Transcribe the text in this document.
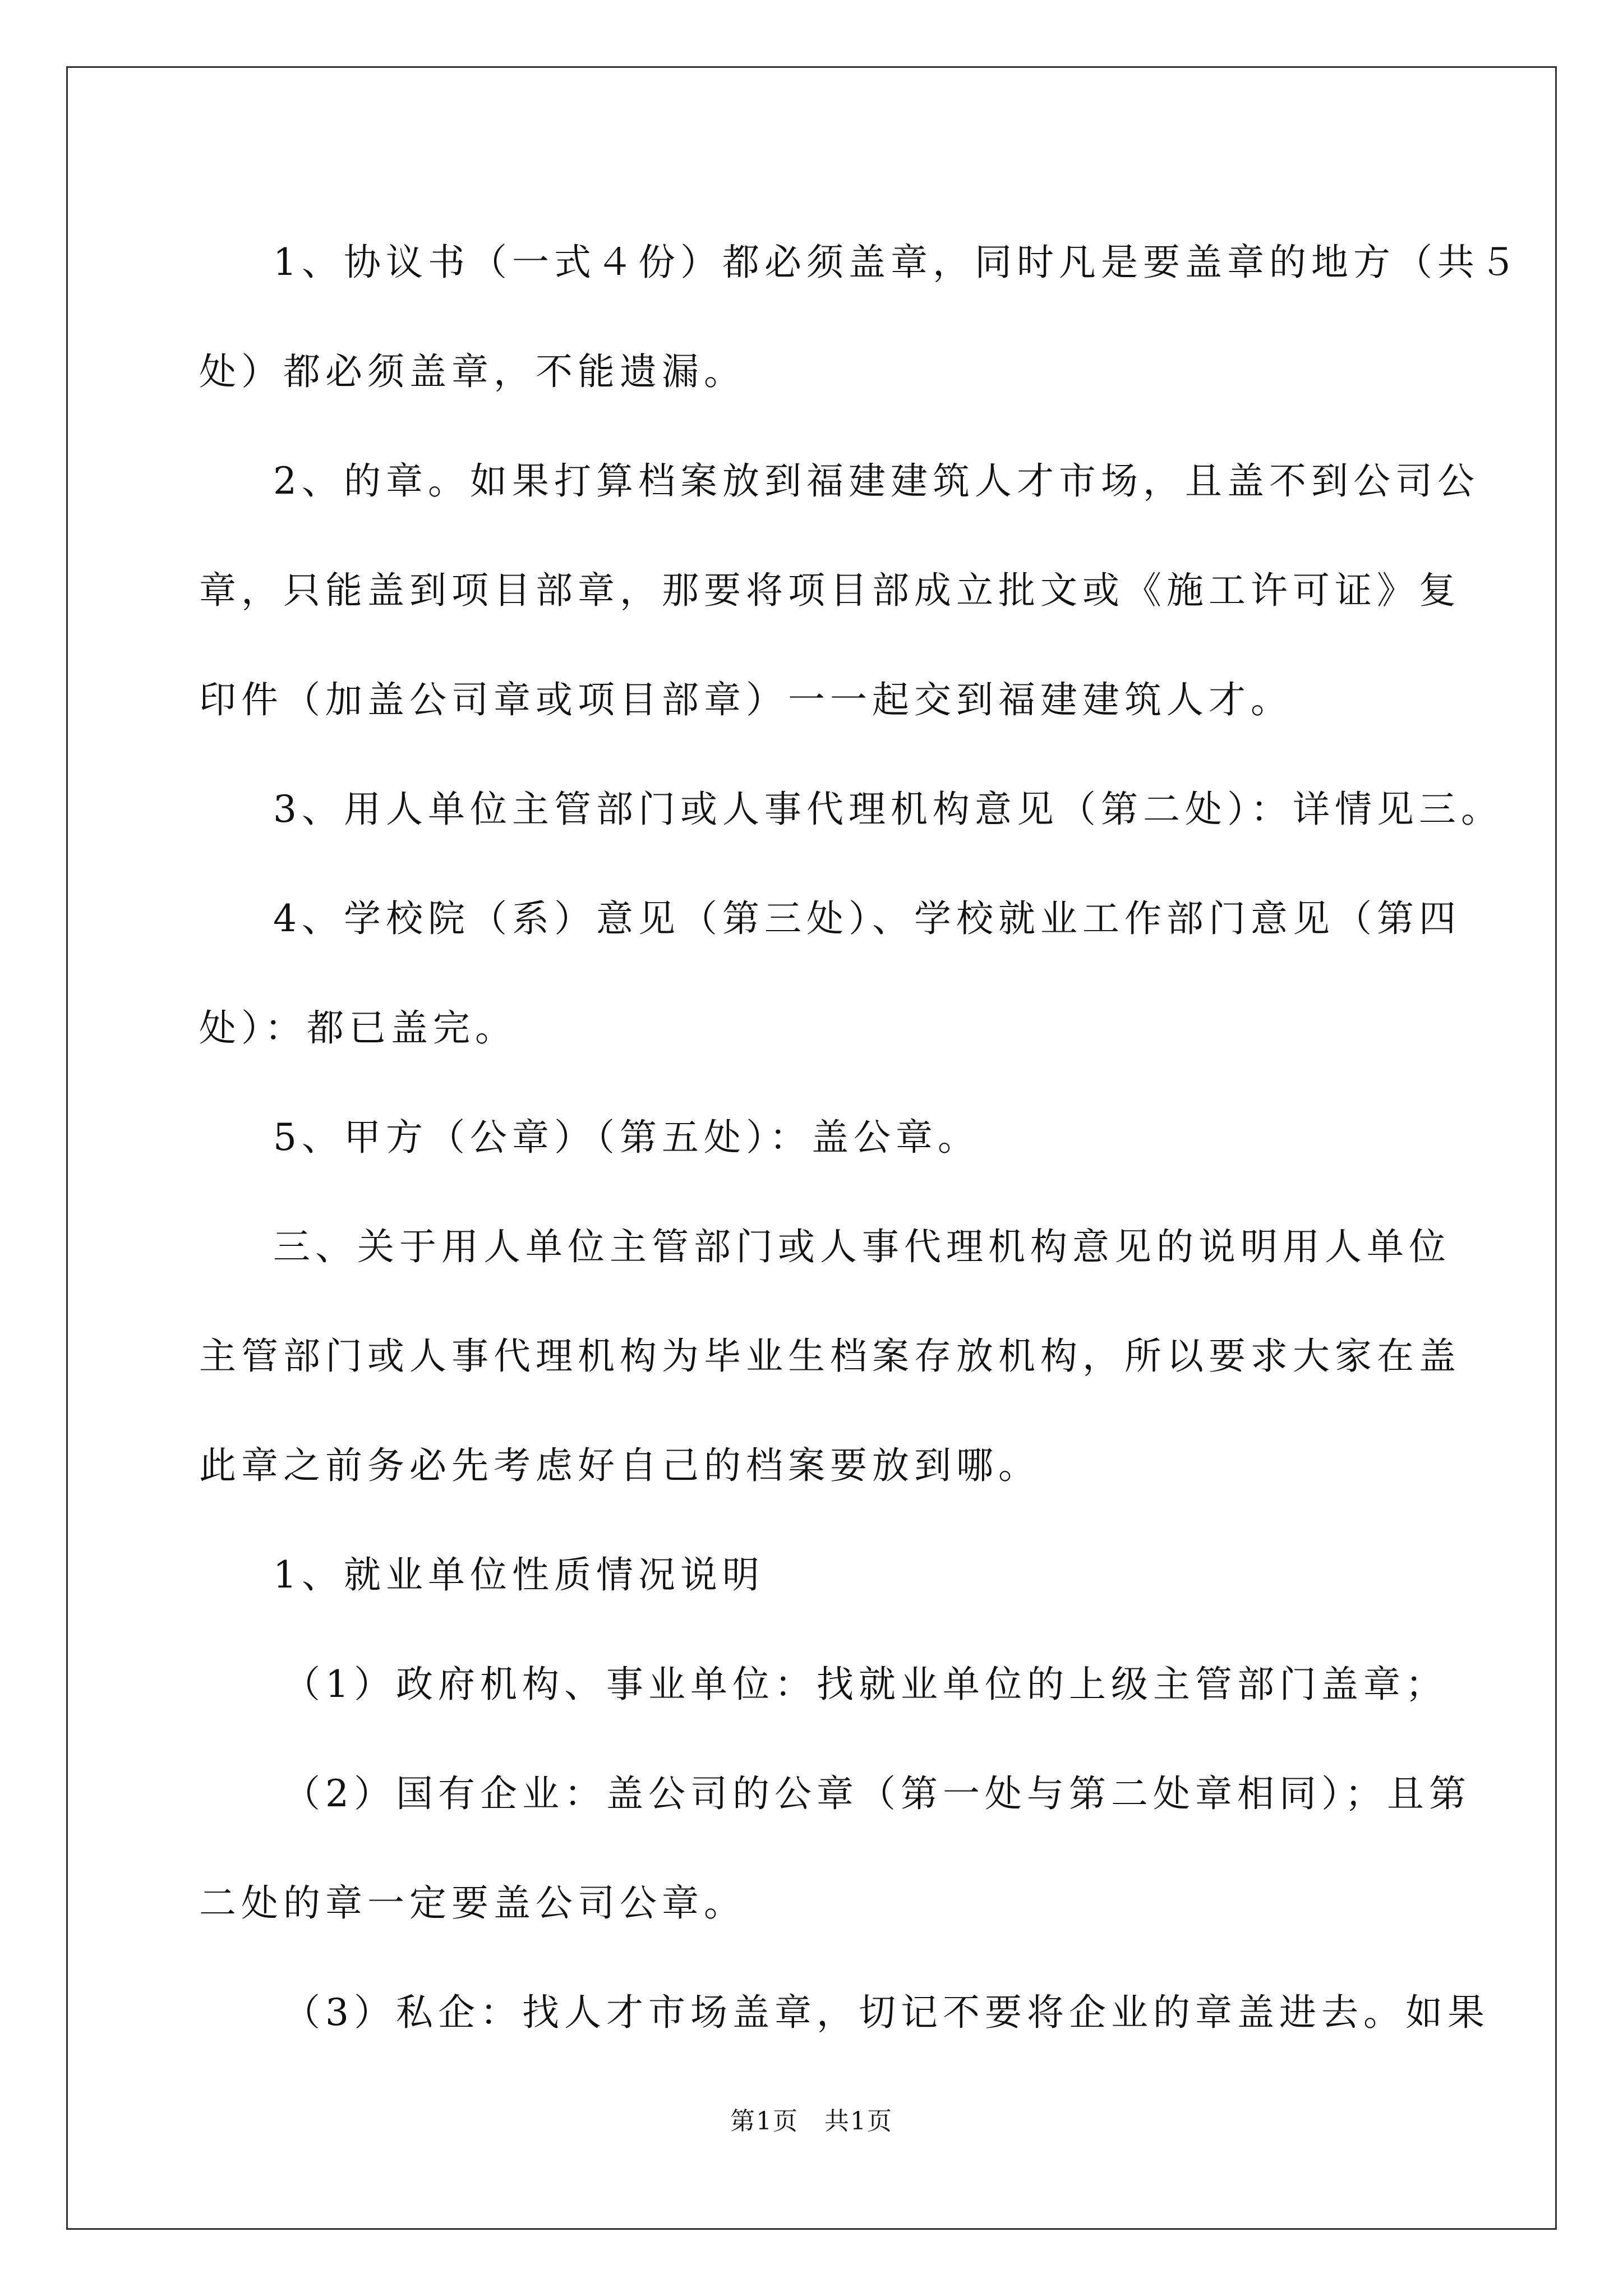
1、协议书（一式４份）都必须盖章，同时凡是要盖章的地方（共５
处）都必须盖章，不能遗漏。

2、的章。如果打算档案放到福建建筑人才市场，且盖不到公司公
章，只能盖到项目部章，那要将项目部成立批文或《施工许可证》复
印件（加盖公司章或项目部章）一一起交到福建建筑人才。

3、用人单位主管部门或人事代理机构意见（第二处）：详情见三。

4、学校院（系）意见（第三处）、学校就业工作部门意见（第四
处）：都已盖完。

5、甲方（公章）（第五处）：盖公章。

三、关于用人单位主管部门或人事代理机构意见的说明用人单位
主管部门或人事代理机构为毕业生档案存放机构，所以要求大家在盖
此章之前务必先考虑好自己的档案要放到哪。

1、就业单位性质情况说明

（1）政府机构、事业单位：找就业单位的上级主管部门盖章；

（2）国有企业：盖公司的公章（第一处与第二处章相同）；且第
二处的章一定要盖公司公章。

（3）私企：找人才市场盖章，切记不要将企业的章盖进去。如果

第1页　共1页
